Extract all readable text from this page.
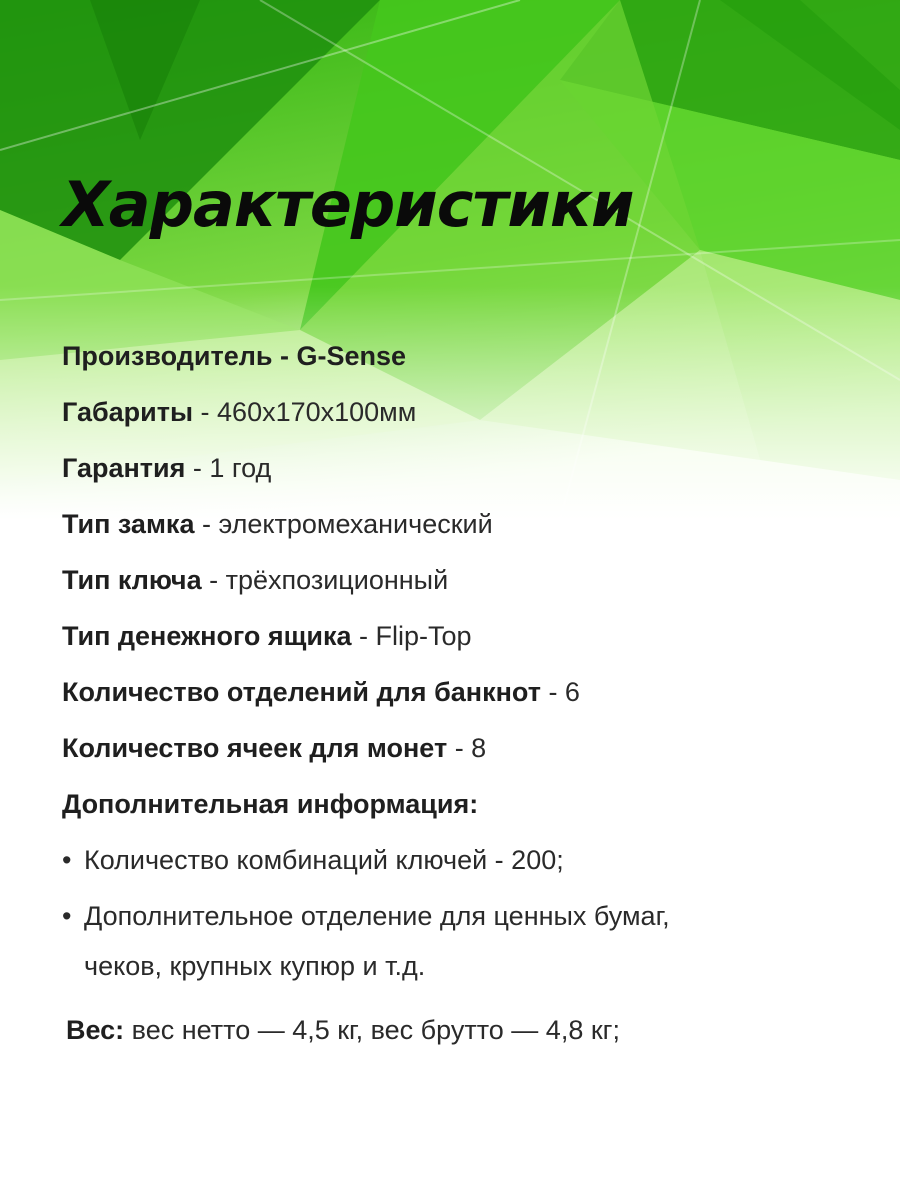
Характеристики
Производитель - G-Sense
Габариты - 460х170х100мм
Гарантия - 1 год
Тип замка - электромеханический
Тип ключа - трёхпозиционный
Тип денежного ящика - Flip-Top
Количество отделений для банкнот - 6
Количество ячеек для монет - 8
Дополнительная информация:
• Количество комбинаций ключей - 200;
• Дополнительное отделение для ценных бумаг,
чеков, крупных купюр и т.д.
Вес: вес нетто — 4,5 кг, вес брутто — 4,8 кг;
